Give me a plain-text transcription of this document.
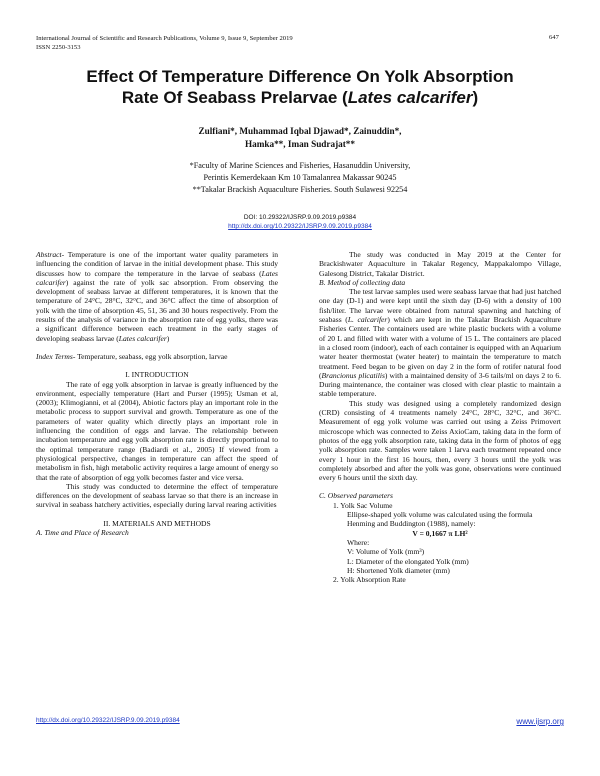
International Journal of Scientific and Research Publications, Volume 9, Issue 9, September 2019
ISSN 2250-3153
647
Effect Of Temperature Difference On Yolk Absorption
Rate Of Seabass Prelarvae (Lates calcarifer)
Zulfiani*, Muhammad Iqbal Djawad*, Zainuddin*,
Hamka**, Iman Sudrajat**
*Faculty of Marine Sciences and Fisheries, Hasanuddin University,
Perintis Kemerdekaan Km 10 Tamalanrea Makassar 90245
**Takalar Brackish Aquaculture Fisheries. South Sulawesi 92254
DOI: 10.29322/IJSRP.9.09.2019.p9384
http://dx.doi.org/10.29322/IJSRP.9.09.2019.p9384

Abstract- Temperature is one of the important water quality parameters in influencing the condition of larvae in the initial development phase. This study discusses how to compare the temperature in the larvae of seabass (Lates calcarifer) against the rate of yolk sac absorption. From observing the development of seabass larvae at different temperatures, it is known that the temperature of 24°C, 28°C, 32°C, and 36°C affect the time of absorption of yolk with the time of absorption 45, 51, 36 and 30 hours respectively. From the results of the analysis of variance in the absorption rate of egg yolks, there was a significant difference between each treatment in the early stages of developing seabass larvae (Lates calcarifer)

Index Terms- Temperature, seabass, egg yolk absorption, larvae

I. INTRODUCTION

The rate of egg yolk absorption in larvae is greatly influenced by the environment, especially temperature (Hart and Purser (1995); Usman et al, (2003); Klimogianni, et al (2004), Abiotic factors play an important role in the metabolic process to support survival and growth. Temperature as one of the parameters of water quality which directly plays an important role in influencing the condition of eggs and larvae. The relationship between incubation temperature and egg yolk absorption rate is directly proportional to the optimal temperature range (Badiardi et al., 2005) If viewed from a physiological perspective, changes in temperature can affect the speed of metabolism in fish, high metabolic activity requires a large amount of energy so that the rate of absorption of egg yolk becomes faster and vice versa.

This study was conducted to determine the effect of temperature differences on the development of seabass larvae so that there is an increase in survival in seabass hatchery activities, especially during larval rearing activities

II. MATERIALS AND METHODS

A. Time and Place of Research

The study was conducted in May 2019 at the Center for Brackishwater Aquaculture in Takalar Regency, Mappakalompo Village, Galesong District, Takalar District.

B. Method of collecting data

The test larvae samples used were seabass larvae that had just hatched one day (D-1) and were kept until the sixth day (D-6) with a density of 100 fish/liter. The larvae were obtained from natural spawning and hatching of seabass (L. calcarifer) which are kept in the Takalar Brackish Aquaculture Fisheries Center. The containers used are white plastic buckets with a volume of 20 L and filled with water with a volume of 15 L. The containers are placed in a closed room (indoor), each of each container is equipped with an Aquarium water heater thermostat (water heater) to maintain the temperature to match treatment. Feed began to be given on day 2 in the form of rotifer natural food (Brancionus plicatilis) with a maintained density of 3-6 tails/ml on days 2 to 6. During maintenance, the container was closed with clear plastic to maintain a stable temperature.

This study was designed using a completely randomized design (CRD) consisting of 4 treatments namely 24°C, 28°C, 32°C, and 36°C. Measurement of egg yolk volume was carried out using a Zeiss Primovert microscope which was connected to Zeiss AxioCam, taking data in the form of photos of the egg yolk absorption rate, taking data in the form of photos of egg yolk absorption rate. Samples were taken 1 larva each treatment repeated once every 1 hour in the first 16 hours, then, every 3 hours until the yolk was completely absorbed and after the yolk was gone, observations were continued every 6 hours until the sixth day.

C. Observed parameters

1. Yolk Sac Volume

Ellipse-shaped yolk volume was calculated using the formula Henming and Buddington (1988), namely:

V = 0,1667 π LH²

Where:

V: Volume of Yolk (mm³)

L: Diameter of the elongated Yolk (mm)

H: Shortened Yolk diameter (mm)

2. Yolk Absorption Rate

http://dx.doi.org/10.29322/IJSRP.9.09.2019.p9384	www.ijsrp.org
